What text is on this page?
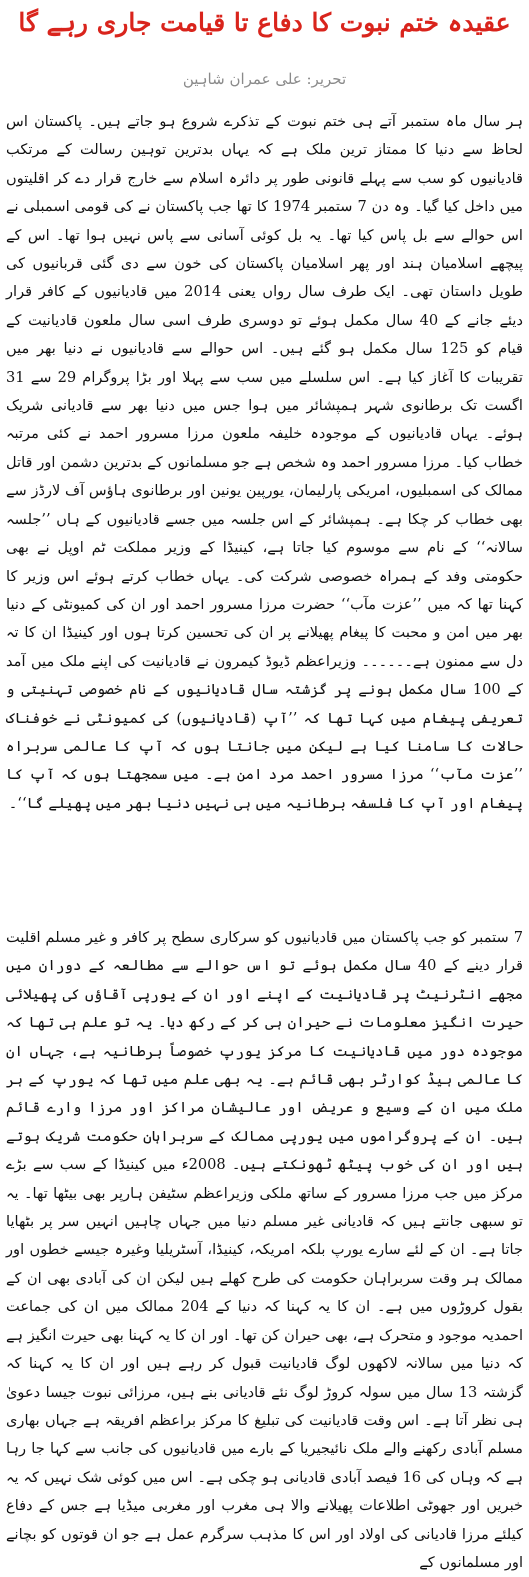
عقیدہ ختم نبوت کا دفاع تا قیامت جاری رہے گا
تحریر: علی عمران شاہین

ہر سال ماہ ستمبر آتے ہی ختم نبوت کے تذکرے شروع ہو جاتے ہیں۔ پاکستان اس لحاظ سے دنیا کا ممتاز ترین ملک ہے کہ یہاں بدترین توہین رسالت کے مرتکب قادیانیوں کو سب سے پہلے قانونی طور پر دائرہ اسلام سے خارج قرار دے کر اقلیتوں میں داخل کیا گیا۔ وہ دن 7 ستمبر 1974 کا تھا جب پاکستان نے کی قومی اسمبلی نے اس حوالے سے بل پاس کیا تھا۔ یہ بل کوئی آسانی سے پاس نہیں ہوا تھا۔ اس کے پیچھے اسلامیان ہند اور پھر اسلامیان پاکستان کی خون سے دی گئی قربانیوں کی طویل داستان تھی۔ ایک طرف سال رواں یعنی 2014 میں قادیانیوں کے کافر قرار دیئے جانے کے 40 سال مکمل ہوئے تو دوسری طرف اسی سال ملعون قادیانیت کے قیام کو 125 سال مکمل ہو گئے ہیں۔ اس حوالے سے قادیانیوں نے دنیا بھر میں تقریبات کا آغاز کیا ہے۔ اس سلسلے میں سب سے پہلا اور بڑا پروگرام 29 سے 31 اگست تک برطانوی شہر ہمپشائر میں ہوا جس میں دنیا بھر سے قادیانی شریک ہوئے۔ یہاں قادیانیوں کے موجودہ خلیفہ ملعون مرزا مسرور احمد نے کئی مرتبہ خطاب کیا۔ مرزا مسرور احمد وہ شخص ہے جو مسلمانوں کے بدترین دشمن اور قاتل ممالک کی اسمبلیوں، امریکی پارلیمان، یورپین یونین اور برطانوی ہاؤس آف لارڈز سے بھی خطاب کر چکا ہے۔ ہمپشائر کے اس جلسہ میں جسے قادیانیوں کے ہاں ’’جلسہ سالانہ‘‘ کے نام سے موسوم کیا جاتا ہے، کینیڈا کے وزیر مملکت ٹم اوپل نے بھی حکومتی وفد کے ہمراہ خصوصی شرکت کی۔ یہاں خطاب کرتے ہوئے اس وزیر کا کہنا تھا کہ میں ’’عزت مآب‘‘ حضرت مرزا مسرور احمد اور ان کی کمیونٹی کے دنیا بھر میں امن و محبت کا پیغام پھیلانے پر ان کی تحسین کرتا ہوں اور کینیڈا ان کا تہ دل سے ممنون ہے۔۔۔۔۔۔ وزیراعظم ڈیوڈ کیمرون نے قادیانیت کی اپنے ملک میں آمد کے 100 سال مکمل ہونے پر گزشتہ سال قادیانیوں کے نام خصوصی تہنیتی و تعریفی پیغام میں کہا تھا کہ ’’آپ (قادیانیوں) کی کمیونٹی نے خوفناک حالات کا سامنا کیا ہے لیکن میں جانتا ہوں کہ آپ کا عالمی سربراہ ’’عزت مآب‘‘ مرزا مسرور احمد مرد امن ہے۔ میں سمجھتا ہوں کہ آپ کا پیغام اور آپ کا فلسفہ برطانیہ میں ہی نہیں دنیا بھر میں پھیلے گا‘‘۔

7 ستمبر کو جب پاکستان میں قادیانیوں کو سرکاری سطح پر کافر و غیر مسلم اقلیت قرار دینے کے 40 سال مکمل ہوئے تو اس حوالے سے مطالعہ کے دوران میں مجھے انٹرنیٹ پر قادیانیت کے اپنے اور ان کے یورپی آقاؤں کی پھیلائی حیرت انگیز معلومات نے حیران ہی کر کے رکھ دیا۔ یہ تو علم ہی تھا کہ موجودہ دور میں قادیانیت کا مرکز یورپ خصوصاً برطانیہ ہے، جہاں ان کا عالمی ہیڈ کوارٹر بھی قائم ہے۔ یہ بھی علم میں تھا کہ یورپ کے ہر ملک میں ان کے وسیع و عریض اور عالیشان مراکز اور مرزا وارے قائم ہیں۔ ان کے پروگراموں میں یورپی ممالک کے سربراہان حکومت شریک ہوتے ہیں اور ان کی خوب پیٹھ ٹھونکتے ہیں۔ 2008ء میں کینیڈا کے سب سے بڑے مرکز میں جب مرزا مسرور کے ساتھ ملکی وزیراعظم سٹیفن ہارپر بھی بیٹھا تھا۔ یہ تو سبھی جانتے ہیں کہ قادیانی غیر مسلم دنیا میں جہاں چاہیں انہیں سر پر بٹھایا جاتا ہے۔ ان کے لئے سارے یورپ بلکہ امریکہ، کینیڈا، آسٹریلیا وغیرہ جیسے خطوں اور ممالک ہر وقت سربراہان حکومت کی طرح کھلے ہیں لیکن ان کی آبادی بھی ان کے بقول کروڑوں میں ہے۔ ان کا یہ کہنا کہ دنیا کے 204 ممالک میں ان کی جماعت احمدیہ موجود و متحرک ہے، بھی حیران کن تھا۔ اور ان کا یہ کہنا بھی حیرت انگیز ہے کہ دنیا میں سالانہ لاکھوں لوگ قادیانیت قبول کر رہے ہیں اور ان کا یہ کہنا کہ گزشتہ 13 سال میں سولہ کروڑ لوگ نئے قادیانی بنے ہیں، مرزائی نبوت جیسا دعویٰ ہی نظر آتا ہے۔ اس وقت قادیانیت کی تبلیغ کا مرکز براعظم افریقہ ہے جہاں بھاری مسلم آبادی رکھنے والے ملک نائیجیریا کے بارے میں قادیانیوں کی جانب سے کہا جا رہا ہے کہ وہاں کی 16 فیصد آبادی قادیانی ہو چکی ہے۔ اس میں کوئی شک نہیں کہ یہ خبریں اور جھوٹی اطلاعات پھیلانے والا ہی مغرب اور مغربی میڈیا ہے جس کے دفاع کیلئے مرزا قادیانی کی اولاد اور اس کا مذہب سرگرم عمل ہے جو ان قوتوں کو بچانے اور مسلمانوں کے
